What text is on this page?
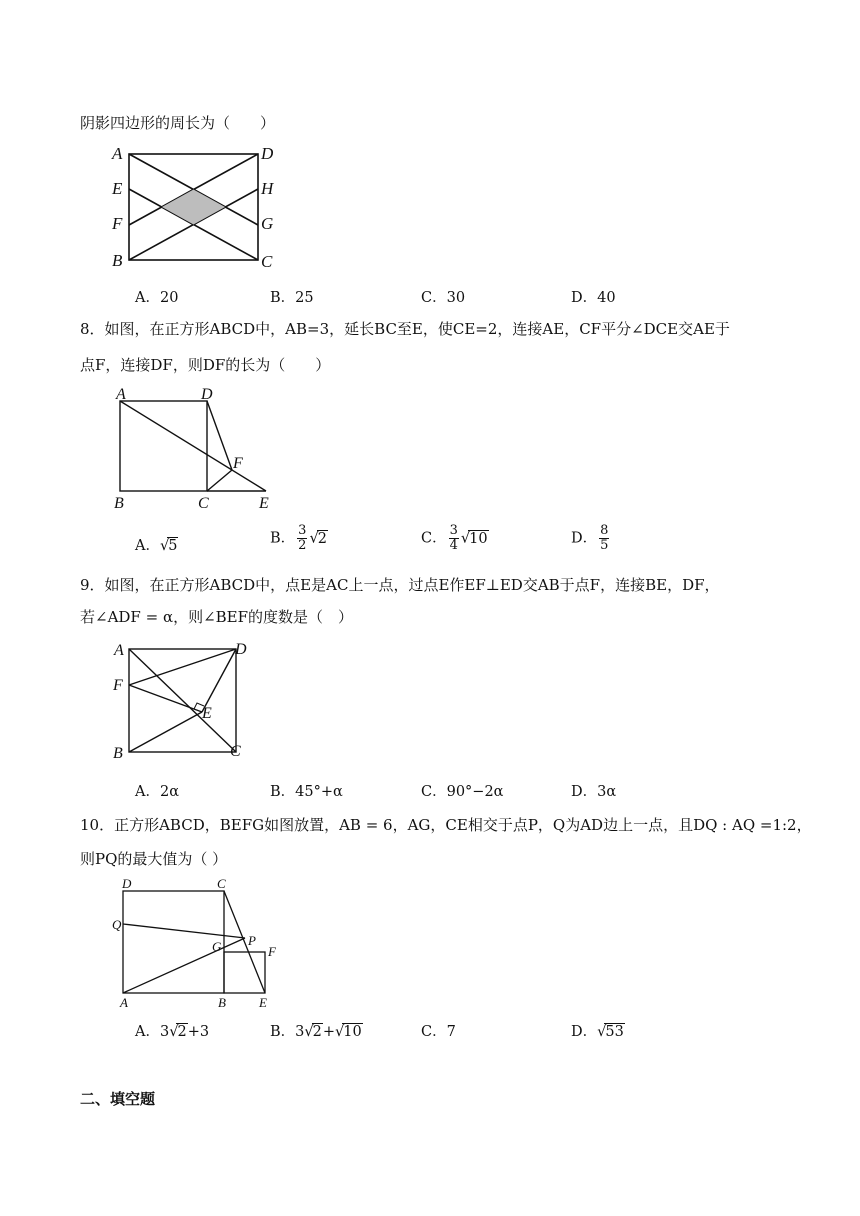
阴影四边形的周长为（　　）
A
E
F
B
D
H
G
C
A．20	B．25	C．30	D．40
8．如图，在正方形ABCD中，AB=3，延长BC至E，使CE=2，连接AE，CF平分∠DCE交AE于
点F，连接DF，则DF的长为（　　）
A	D
F
B	C	E
A．√5	B． $\frac{3}{2} √2$	C． $\frac{3}{4} √10$	D． $\frac{8}{5}$
9．如图，在正方形ABCD中，点E是AC上一点，过点E作EF⊥ED交AB于点F，连接BE，DF，
若∠ADF = α，则∠BEF的度数是（　）
A	D
F
E
B	C
A．2α	B．45°+α	C．90°−2α	D．3α
10．正方形ABCD，BEFG如图放置，AB = 6，AG，CE相交于点P，Q为AD边上一点，且DQ : AQ =1:2，
则PQ的最大值为（ ）
D	C
Q
G P
F
A	B	E
A．3√2+3	B．3√2+√10	C．7	D．√53
二、填空题
